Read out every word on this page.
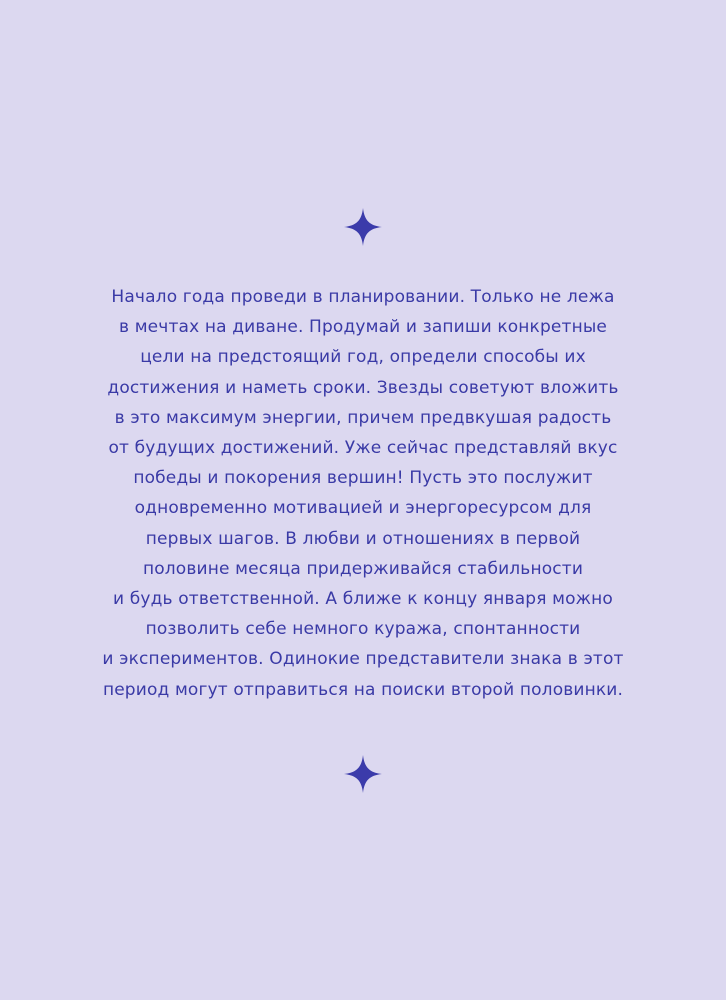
Начало года проведи в планировании. Только не лежа
в мечтах на диване. Продумай и запиши конкретные
цели на предстоящий год, определи способы их
достижения и наметь сроки. Звезды советуют вложить
в это максимум энергии, причем предвкушая радость
от будущих достижений. Уже сейчас представляй вкус
победы и покорения вершин! Пусть это послужит
одновременно мотивацией и энергоресурсом для
первых шагов. В любви и отношениях в первой
половине месяца придерживайся стабильности
и будь ответственной. А ближе к концу января можно
позволить себе немного куража, спонтанности
и экспериментов. Одинокие представители знака в этот
период могут отправиться на поиски второй половинки.
